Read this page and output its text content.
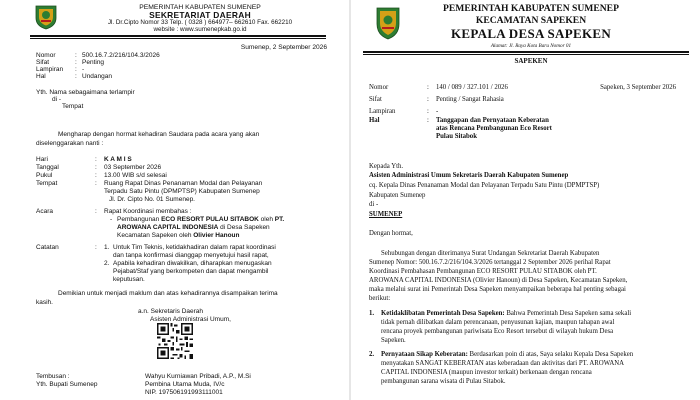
PEMERINTAH KABUPATEN SUMENEP
SEKRETARIAT DAERAH
Jl. Dr.Cipto Nomor 33 Telp. ( 0328 ) 664977– 662610 Fax. 662210
website : www.sumenepkab.go.id
Sumenep, 2 September 2026
Nomor	: 500.16.7.2/216/104.3/2026
Sifat	: Penting
Lampiran : -
Hal	: Undangan
Yth. Nama sebagaimana terlampir
di -
Tempat
Mengharap dengan hormat kehadiran Saudara pada acara yang akan
diselenggarakan nanti :
Hari	: K A M I S
Tanggal	: 03 September 2026
Pukul	: 13.00 WIB s/d selesai
Tempat	: Ruang Rapat Dinas Penanaman Modal dan Pelayanan
Terpadu Satu Pintu (DPMPTSP) Kabupaten Sumenep
Jl. Dr. Cipto No. 01 Sumenep.
Acara	: Rapat Koordinasi membahas :
- Pembangunan ECO RESORT PULAU SITABOK oleh PT.
AROWANA CAPITAL INDONESIA di Desa Sapeken
Kecamatan Sapeken oleh Olivier Hanoun
Catatan	: 1. Untuk Tim Teknis, ketidakhadiran dalam rapat koordinasi
dan tanpa konfirmasi dianggap menyetujui hasil rapat,
2. Apabila kehadiran diwakilkan, diharapkan menugaskan
Pejabat/Staf yang berkompeten dan dapat mengambil
keputusan.
Demikian untuk menjadi maklum dan atas kehadirannya disampaikan terima
kasih.
a.n. Sekretaris Daerah
Asisten Administrasi Umum,
Tembusan :
Yth. Bupati Sumenep
Wahyu Kurniawan Pribadi, A.P., M.Si
Pembina Utama Muda, IV/c
NIP. 197506191993111001
PEMERINTAH KABUPATEN SUMENEP
KECAMATAN SAPEKEN
KEPALA DESA SAPEKEN
Alamat: Jl. Raya Kota Baru Nomor 01
SAPEKEN
Nomor	: 140 / 089 / 327.101 / 2026	Sapeken, 3 September 2026
Sifat	: Penting / Sangat Rahasia
Lampiran	: -
Hal	: Tanggapan dan Pernyataan Keberatan
atas Rencana Pembangunan Eco Resort
Pulau Sitabok
Kepada Yth.
Asisten Administrasi Umum Sekretaris Daerah Kabupaten Sumenep
cq. Kepala Dinas Penanaman Modal dan Pelayanan Terpadu Satu Pintu (DPMPTSP)
Kabupaten Sumenep
di -
SUMENEP
Dengan hormat,
Sehubungan dengan diterimanya Surat Undangan Sekretariat Daerah Kabupaten
Sumenep Nomor: 500.16.7.2/216/104.3/2026 tertanggal 2 September 2026 perihal Rapat
Koordinasi Pembahasan Pembangunan ECO RESORT PULAU SITABOK oleh PT.
AROWANA CAPITAL INDONESIA (Olivier Hanoun) di Desa Sapeken, Kecamatan Sapeken,
maka melalui surat ini Pemerintah Desa Sapeken menyampaikan beberapa hal penting sebagai
berikut:
1. Ketidaklibatan Pemerintah Desa Sapeken: Bahwa Pemerintah Desa Sapeken sama sekali
tidak pernah dilibatkan dalam perencanaan, penyusunan kajian, maupun tahapan awal
rencana proyek pembangunan pariwisata Eco Resort tersebut di wilayah hukum Desa
Sapeken.
2. Pernyataan Sikap Keberatan: Berdasarkan poin di atas, Saya selaku Kepala Desa Sapeken
menyatakan SANGAT KEBERATAN atas keberadaan dan aktivitas dari PT. AROWANA
CAPITAL INDONESIA (maupun investor terkait) berkenaan dengan rencana
pembangunan sarana wisata di Pulau Sitabok.
